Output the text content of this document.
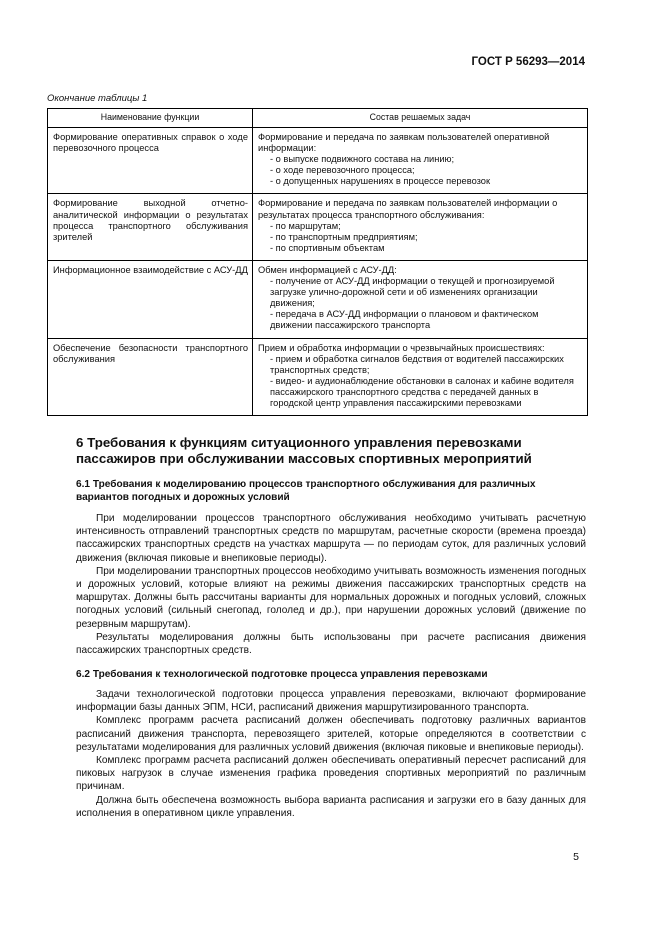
ГОСТ Р 56293—2014
Окончание таблицы 1
Наименование функции	Состав решаемых задач
Формирование оперативных справок о ходе перевозочного процесса	Формирование и передача по заявкам пользователей оперативной информации:
- о выпуске подвижного состава на линию;
- о ходе перевозочного процесса;
- о допущенных нарушениях в процессе перевозок

Формирование выходной отчетно-аналитической информации о результатах процесса транспортного обслуживания зрителей	Формирование и передача по заявкам пользователей информации о результатах процесса транспортного обслуживания:
- по маршрутам;
- по транспортным предприятиям;
- по спортивным объектам

Информационное взаимодействие с АСУ-ДД	Обмен информацией с АСУ-ДД:
- получение от АСУ-ДД информации о текущей и прогнозируемой загрузке улично-дорожной сети и об изменениях организации движения;
- передача в АСУ-ДД информации о плановом и фактическом движении пассажирского транспорта

Обеспечение безопасности транспортного обслуживания	Прием и обработка информации о чрезвычайных происшествиях:
- прием и обработка сигналов бедствия от водителей пассажирских транспортных средств;
- видео- и аудионаблюдение обстановки в салонах и кабине водителя пассажирского транспортного средства с передачей данных в городской центр управления пассажирскими перевозками
6 Требования к функциям ситуационного управления перевозками пассажиров при обслуживании массовых спортивных мероприятий
6.1 Требования к моделированию процессов транспортного обслуживания для различных вариантов погодных и дорожных условий

При моделировании процессов транспортного обслуживания необходимо учитывать расчетную интенсивность отправлений транспортных средств по маршрутам, расчетные скорости (времена проезда) пассажирских транспортных средств на участках маршрута — по периодам суток, для различных условий движения (включая пиковые и внепиковые периоды).

При моделировании транспортных процессов необходимо учитывать возможность изменения погодных и дорожных условий, которые влияют на режимы движения пассажирских транспортных средств на маршрутах. Должны быть рассчитаны варианты для нормальных дорожных и погодных условий, сложных погодных условий (сильный снегопад, гололед и др.), при нарушении дорожных условий (движение по резервным маршрутам).

Результаты моделирования должны быть использованы при расчете расписания движения пассажирских транспортных средств.

6.2 Требования к технологической подготовке процесса управления перевозками

Задачи технологической подготовки процесса управления перевозками, включают формирование информации базы данных ЭПМ, НСИ, расписаний движения маршрутизированного транспорта.

Комплекс программ расчета расписаний должен обеспечивать подготовку различных вариантов расписаний движения транспорта, перевозящего зрителей, которые определяются в соответствии с результатами моделирования для различных условий движения (включая пиковые и внепиковые периоды).

Комплекс программ расчета расписаний должен обеспечивать оперативный пересчет расписаний для пиковых нагрузок в случае изменения графика проведения спортивных мероприятий по различным причинам.

Должна быть обеспечена возможность выбора варианта расписания и загрузки его в базу данных для исполнения в оперативном цикле управления.

5
